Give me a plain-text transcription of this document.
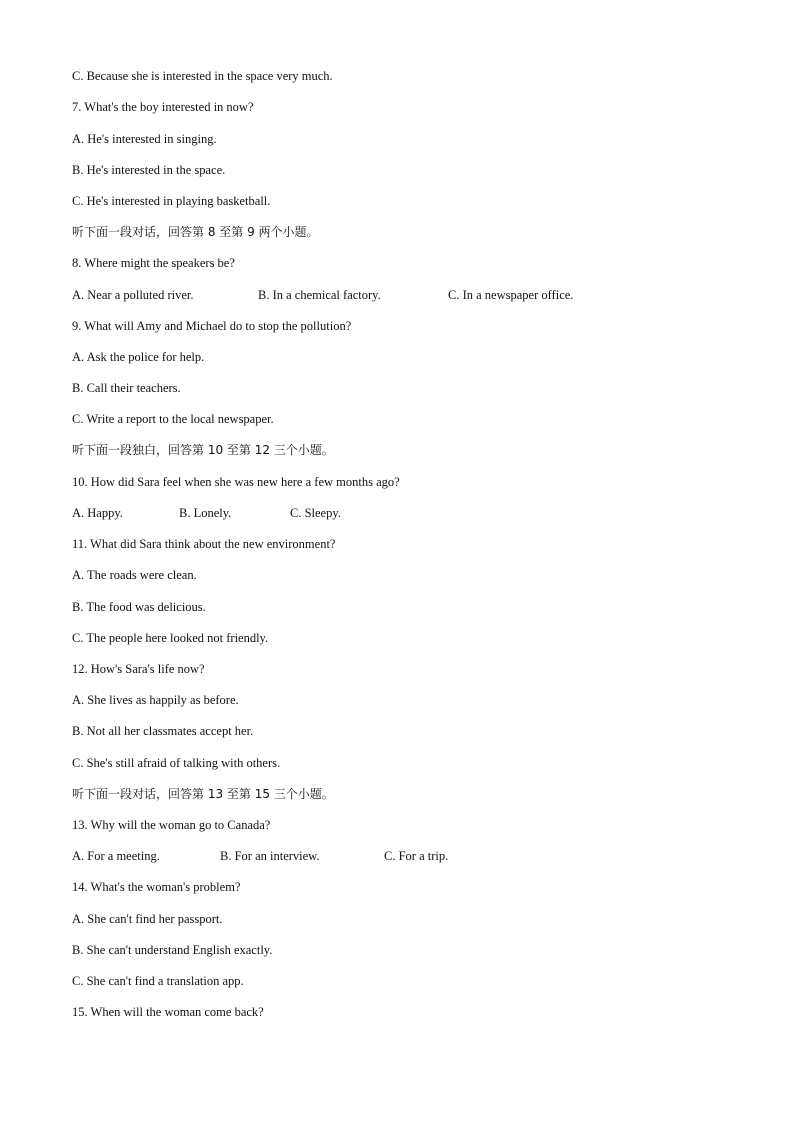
C. Because she is interested in the space very much.
7. What's the boy interested in now?
A. He's interested in singing.
B. He's interested in the space.
C. He's interested in playing basketball.
听下面一段对话，回答第 8 至第 9 两个小题。
8. Where might the speakers be?
A. Near a polluted river.	B. In a chemical factory.	C. In a newspaper office.
9. What will Amy and Michael do to stop the pollution?
A. Ask the police for help.
B. Call their teachers.
C. Write a report to the local newspaper.
听下面一段独白，回答第 10 至第 12 三个小题。
10. How did Sara feel when she was new here a few months ago?
A. Happy.	B. Lonely.	C. Sleepy.
11. What did Sara think about the new environment?
A. The roads were clean.
B. The food was delicious.
C. The people here looked not friendly.
12. How's Sara's life now?
A. She lives as happily as before.
B. Not all her classmates accept her.
C. She's still afraid of talking with others.
听下面一段对话，回答第 13 至第 15 三个小题。
13. Why will the woman go to Canada?
A. For a meeting.	B. For an interview.	C. For a trip.
14. What's the woman's problem?
A. She can't find her passport.
B. She can't understand English exactly.
C. She can't find a translation app.
15. When will the woman come back?
